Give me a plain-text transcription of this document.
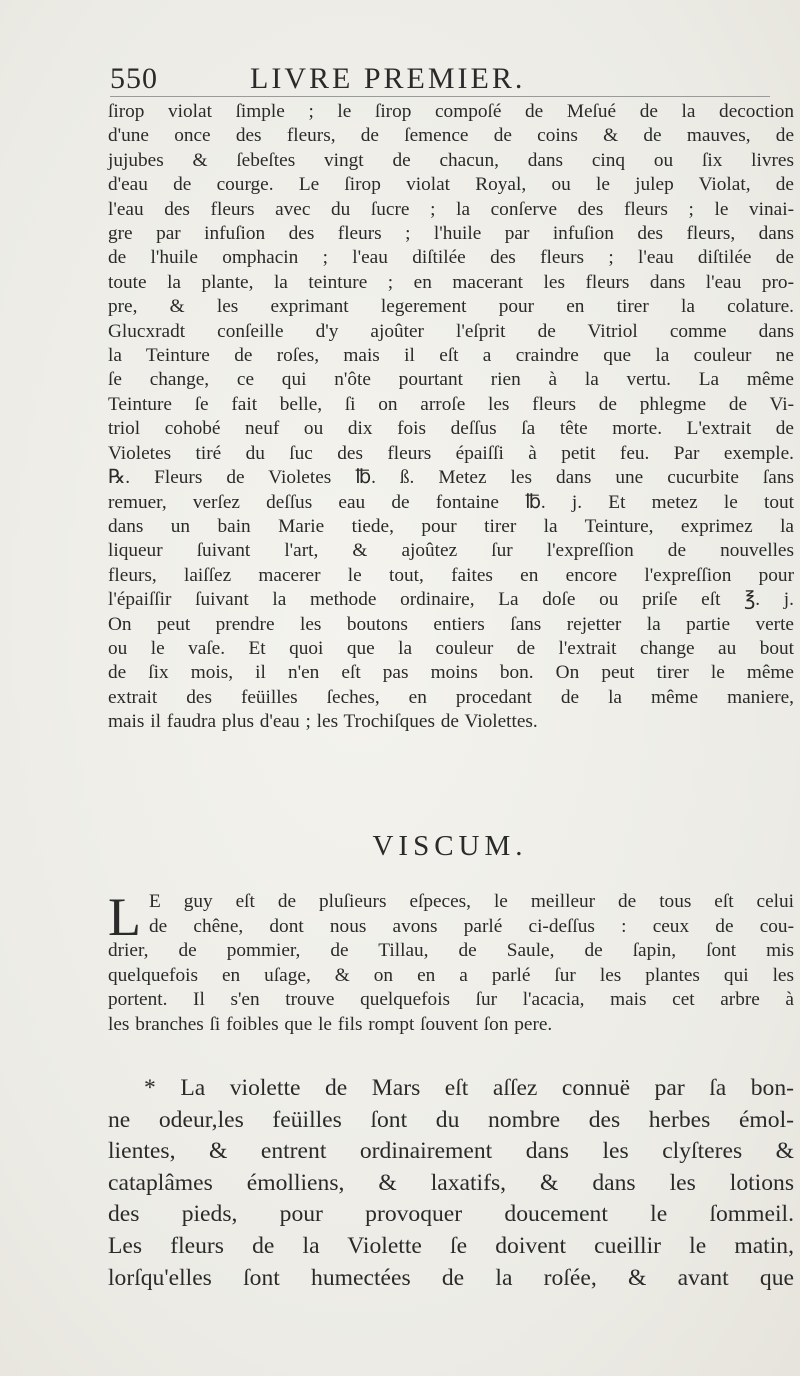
550	LIVRE PREMIER.
ſirop violat ſimple ; le ſirop compoſé de Meſué de la decoction
d'une once des fleurs, de ſemence de coins & de mauves, de
jujubes & ſebeſtes vingt de chacun, dans cinq ou ſix livres
d'eau de courge. Le ſirop violat Royal, ou le julep Violat, de
l'eau des fleurs avec du ſucre ; la conſerve des fleurs ; le vinai-
gre par infuſion des fleurs ; l'huile par infuſion des fleurs, dans
de l'huile omphacin ; l'eau diſtilée des fleurs ; l'eau diſtilée de
toute la plante, la teinture ; en macerant les fleurs dans l'eau pro-
pre, & les exprimant legerement pour en tirer la colature.
Glucxradt conſeille d'y ajoûter l'eſprit de Vitriol comme dans
la Teinture de roſes, mais il eſt a craindre que la couleur ne
ſe change, ce qui n'ôte pourtant rien à la vertu. La même
Teinture ſe fait belle, ſi on arroſe les fleurs de phlegme de Vi-
triol cohobé neuf ou dix fois deſſus ſa tête morte. L'extrait de
Violetes tiré du ſuc des fleurs épaiſſi à petit feu. Par exemple.
℞. Fleurs de Violetes ℔. ß. Metez les dans une cucurbite ſans
remuer, verſez deſſus eau de fontaine ℔. j. Et metez le tout
dans un bain Marie tiede, pour tirer la Teinture, exprimez la
liqueur ſuivant l'art, & ajoûtez ſur l'expreſſion de nouvelles
fleurs, laiſſez macerer le tout, faites en encore l'expreſſion pour
l'épaiſſir ſuivant la methode ordinaire, La doſe ou priſe eſt ℥. j.
On peut prendre les boutons entiers ſans rejetter la partie verte
ou le vaſe. Et quoi que la couleur de l'extrait change au bout
de ſix mois, il n'en eſt pas moins bon. On peut tirer le même
extrait des feüilles ſeches, en procedant de la même maniere,
mais il faudra plus d'eau ; les Trochiſques de Violettes.
VISCUM.
L E guy eſt de pluſieurs eſpeces, le meilleur de tous eſt celui
de chêne, dont nous avons parlé ci-deſſus : ceux de cou-
drier, de pommier, de Tillau, de Saule, de ſapin, ſont mis
quelquefois en uſage, & on en a parlé ſur les plantes qui les
portent. Il s'en trouve quelquefois ſur l'acacia, mais cet arbre à
les branches ſi foibles que le fils rompt ſouvent ſon pere.
* La violette de Mars eſt aſſez connuë par ſa bon-
ne odeur,les feüilles ſont du nombre des herbes émol-
lientes, & entrent ordinairement dans les clyſteres &
cataplâmes émolliens, & laxatifs, & dans les lotions
des pieds, pour provoquer doucement le ſommeil.
Les fleurs de la Violette ſe doivent cueillir le matin,
lorſqu'elles ſont humectées de la roſée, & avant que
